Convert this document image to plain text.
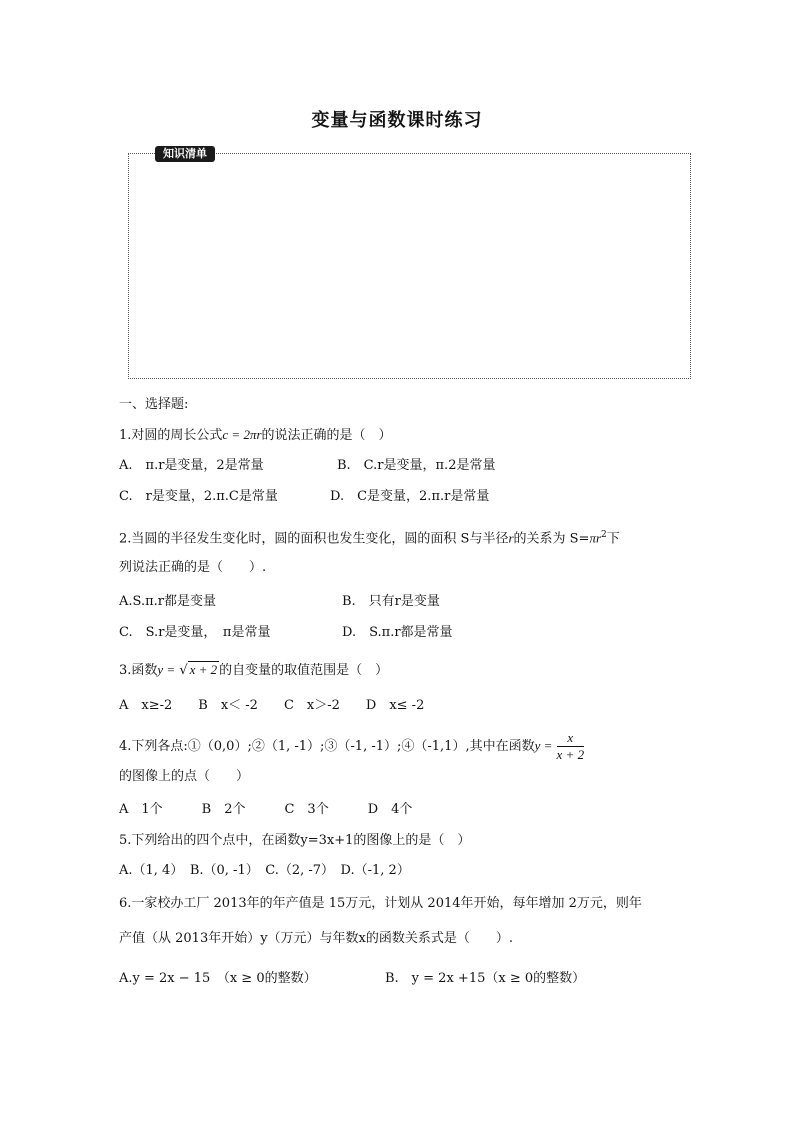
变量与函数课时练习
知识清单
一、选择题:
1.对圆的周长公式c = 2πr的说法正确的是（　）
A.　π.r是变量，2是常量	B.　C.r是变量，π.2是常量
C.　r是变量，2.π.C是常量	D.　C是变量，2.π.r是常量
2.当圆的半径发生变化时，圆的面积也发生变化，圆的面积 S与半径r的关系为 $S=\pi r^2$下
列说法正确的是（　　）.
A.S.π.r都是变量	B.　只有r是变量
C.　S.r是变量，　π是常量	D.　S.π.r都是常量
3.函数y = √ x + 2 的自变量的取值范围是（　）
A　x≥-2　　B　x＜ -2　　C　x＞-2　　D　x≤ -2
4.下列各点:①（0,0）;②（1, -1）;③（-1, -1）;④（-1,1）,其中在函数$y = \frac{x}{x + 2}$
的图像上的点（　　）
A　1个　　　B　2个　　　C　3个　　　D　4个
5.下列给出的四个点中，在函数y=3x+1的图像上的是（　）
A.（1, 4）　B.（0, -1）　C.（2, -7）　D.（-1, 2）
6.一家校办工厂 2013年的年产值是 15万元，计划从 2014年开始，每年增加 2万元，则年
产值（从 2013年开始）y（万元）与年数x的函数关系式是（　　）.
A.y = 2x − 15　（x ≥ 0的整数）	B.　y = 2x +15（x ≥ 0的整数）
